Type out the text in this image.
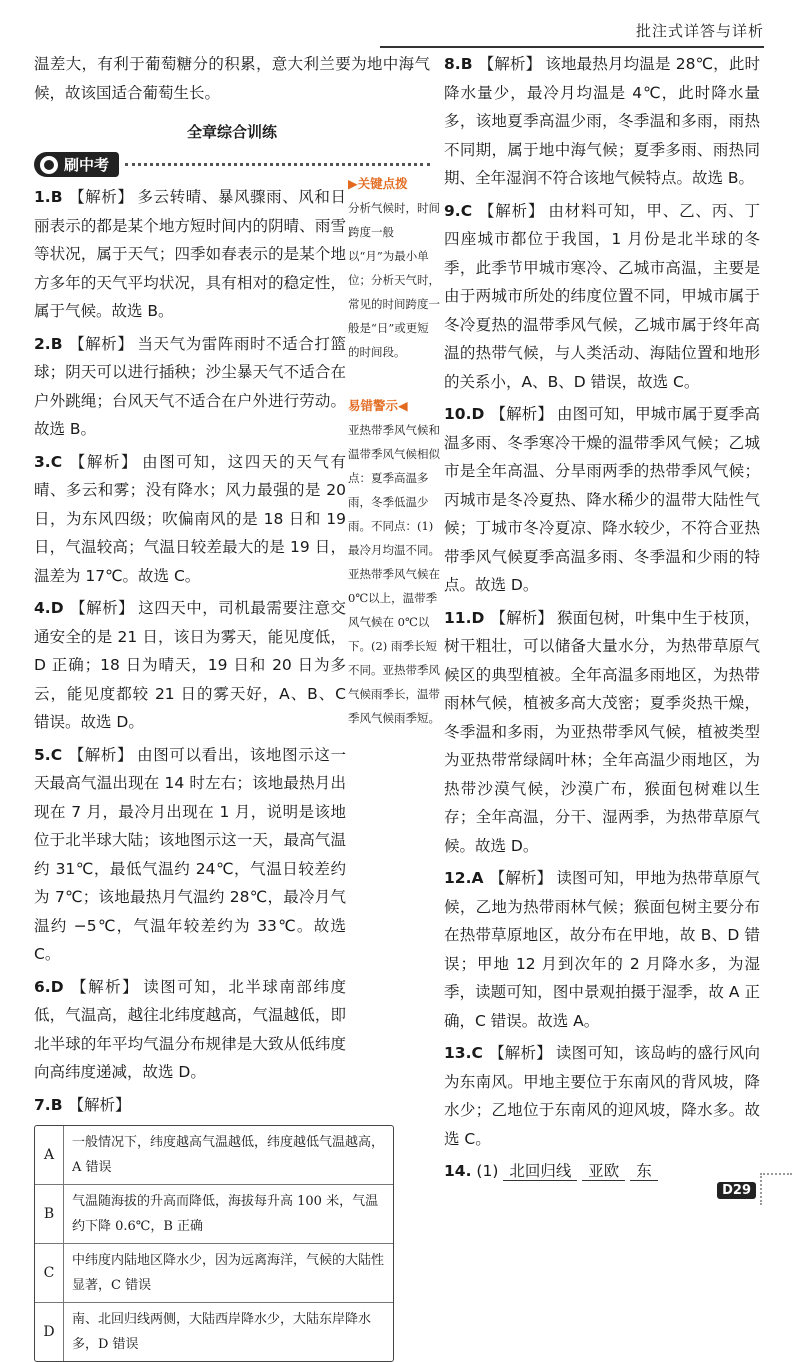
批注式详答与详析

温差大，有利于葡萄糖分的积累，意大利兰要为地中海气候，故该国适合葡萄生长。

全章综合训练
刷中考
1.B 【解析】 多云转晴、暴风骤雨、风和日丽表示的都是某个地方短时间内的阴晴、雨雪等状况，属于天气；四季如春表示的是某个地方多年的天气平均状况，具有相对的稳定性，属于气候。故选 B。
2.B 【解析】 当天气为雷阵雨时不适合打篮球；阴天可以进行插秧；沙尘暴天气不适合在户外跳绳；台风天气不适合在户外进行劳动。故选 B。
3.C 【解析】 由图可知，这四天的天气有晴、多云和雾；没有降水；风力最强的是 20 日，为东风四级；吹偏南风的是 18 日和 19 日，气温较高；气温日较差最大的是 19 日，温差为 17℃。故选 C。
4.D 【解析】 这四天中，司机最需要注意交通安全的是 21 日，该日为雾天，能见度低，D 正确；18 日为晴天，19 日和 20 日为多云，能见度都较 21 日的雾天好，A、B、C 错误。故选 D。
5.C 【解析】 由图可以看出，该地图示这一天最高气温出现在 14 时左右；该地最热月出现在 7 月，最冷月出现在 1 月，说明是该地位于北半球大陆；该地图示这一天，最高气温约 31℃，最低气温约 24℃，气温日较差约为 7℃；该地最热月气温约 28℃，最冷月气温约 −5℃，气温年较差约为 33℃。故选 C。
6.D 【解析】 读图可知，北半球南部纬度低，气温高，越往北纬度越高，气温越低，即北半球的年平均气温分布规律是大致从低纬度向高纬度递减，故选 D。
7.B 【解析】
A
一般情况下，纬度越高气温越低，纬度越低气温越高，A 错误
B
气温随海拔的升高而降低，海拔每升高 100 米，气温约下降 0.6℃，B 正确
C
中纬度内陆地区降水少，因为远离海洋，气候的大陆性显著，C 错误
D
南、北回归线两侧，大陆西岸降水少，大陆东岸降水多，D 错误
▶关键点拨
分析气候时，时间跨度一般以“月”为最小单位；分析天气时，常见的时间跨度一般是“日”或更短的时间段。
易错警示◀
亚热带季风气候和温带季风气候相似点：夏季高温多雨，冬季低温少雨。不同点：(1) 最冷月均温不同。亚热带季风气候在 0℃以上，温带季风气候在 0℃以下。(2) 雨季长短不同。亚热带季风气候雨季长，温带季风气候雨季短。
8.B 【解析】 该地最热月均温是 28℃，此时降水量少，最冷月均温是 4℃，此时降水量多，该地夏季高温少雨，冬季温和多雨，雨热不同期，属于地中海气候；夏季多雨、雨热同期、全年湿润不符合该地气候特点。故选 B。
9.C 【解析】 由材料可知，甲、乙、丙、丁四座城市都位于我国，1 月份是北半球的冬季，此季节甲城市寒冷、乙城市高温，主要是由于两城市所处的纬度位置不同，甲城市属于冬冷夏热的温带季风气候，乙城市属于终年高温的热带气候，与人类活动、海陆位置和地形的关系小，A、B、D 错误，故选 C。
10.D 【解析】 由图可知，甲城市属于夏季高温多雨、冬季寒冷干燥的温带季风气候；乙城市是全年高温、分旱雨两季的热带季风气候；丙城市是冬冷夏热、降水稀少的温带大陆性气候；丁城市冬冷夏凉、降水较少，不符合亚热带季风气候夏季高温多雨、冬季温和少雨的特点。故选 D。
11.D 【解析】 猴面包树，叶集中生于枝顶，树干粗壮，可以储备大量水分，为热带草原气候区的典型植被。全年高温多雨地区，为热带雨林气候，植被多高大茂密；夏季炎热干燥，冬季温和多雨，为亚热带季风气候，植被类型为亚热带常绿阔叶林；全年高温少雨地区，为热带沙漠气候，沙漠广布，猴面包树难以生存；全年高温，分干、湿两季，为热带草原气候。故选 D。
12.A 【解析】 读图可知，甲地为热带草原气候，乙地为热带雨林气候；猴面包树主要分布在热带草原地区，故分布在甲地，故 B、D 错误；甲地 12 月到次年的 2 月降水多，为湿季，读题可知，图中景观拍摄于湿季，故 A 正确，C 错误。故选 A。
13.C 【解析】 读图可知，该岛屿的盛行风向为东南风。甲地主要位于东南风的背风坡，降水少；乙地位于东南风的迎风坡，降水多。故选 C。
14. (1) 北回归线 亚欧 东
D29
